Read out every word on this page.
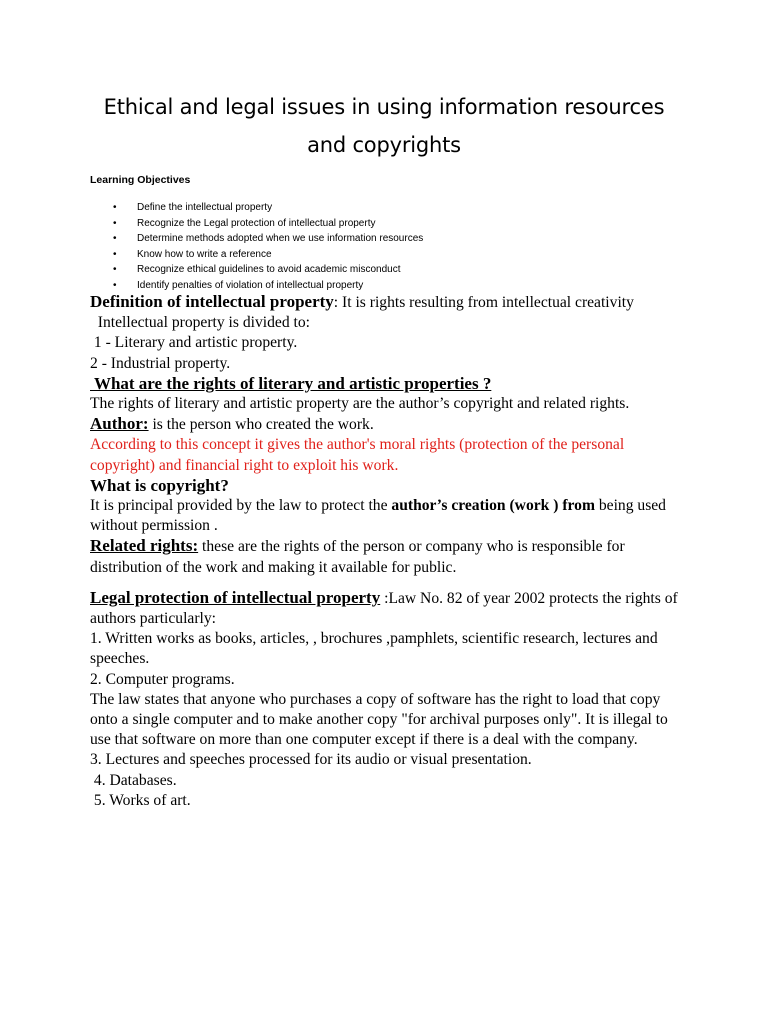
Ethical and legal issues in using information resources
and copyrights
Learning Objectives
• Define the intellectual property
• Recognize the Legal protection of intellectual property
• Determine methods adopted when we use information resources
• Know how to write a reference
• Recognize ethical guidelines to avoid academic misconduct
• Identify penalties of violation of intellectual property

Definition of intellectual property: It is rights resulting from intellectual creativity

Intellectual property is divided to:

1 - Literary and artistic property.

2 - Industrial property.

What are the rights of literary and artistic properties ?

The rights of literary and artistic property are the author’s copyright and related rights.

Author: is the person who created the work.

According to this concept it gives the author's moral rights (protection of the personal copyright) and financial right to exploit his work.

What is copyright?

It is principal provided by the law to protect the author’s creation (work ) from being used without permission .

Related rights: these are the rights of the person or company who is responsible for distribution of the work and making it available for public.

Legal protection of intellectual property :Law No. 82 of year 2002 protects the rights of authors particularly:

1. Written works as books, articles, , brochures ,pamphlets, scientific research, lectures and speeches.

2. Computer programs.

The law states that anyone who purchases a copy of software has the right to load that copy onto a single computer and to make another copy "for archival purposes only". It is illegal to use that software on more than one computer except if there is a deal with the company.

3. Lectures and speeches processed for its audio or visual presentation.

4. Databases.

5. Works of art.
